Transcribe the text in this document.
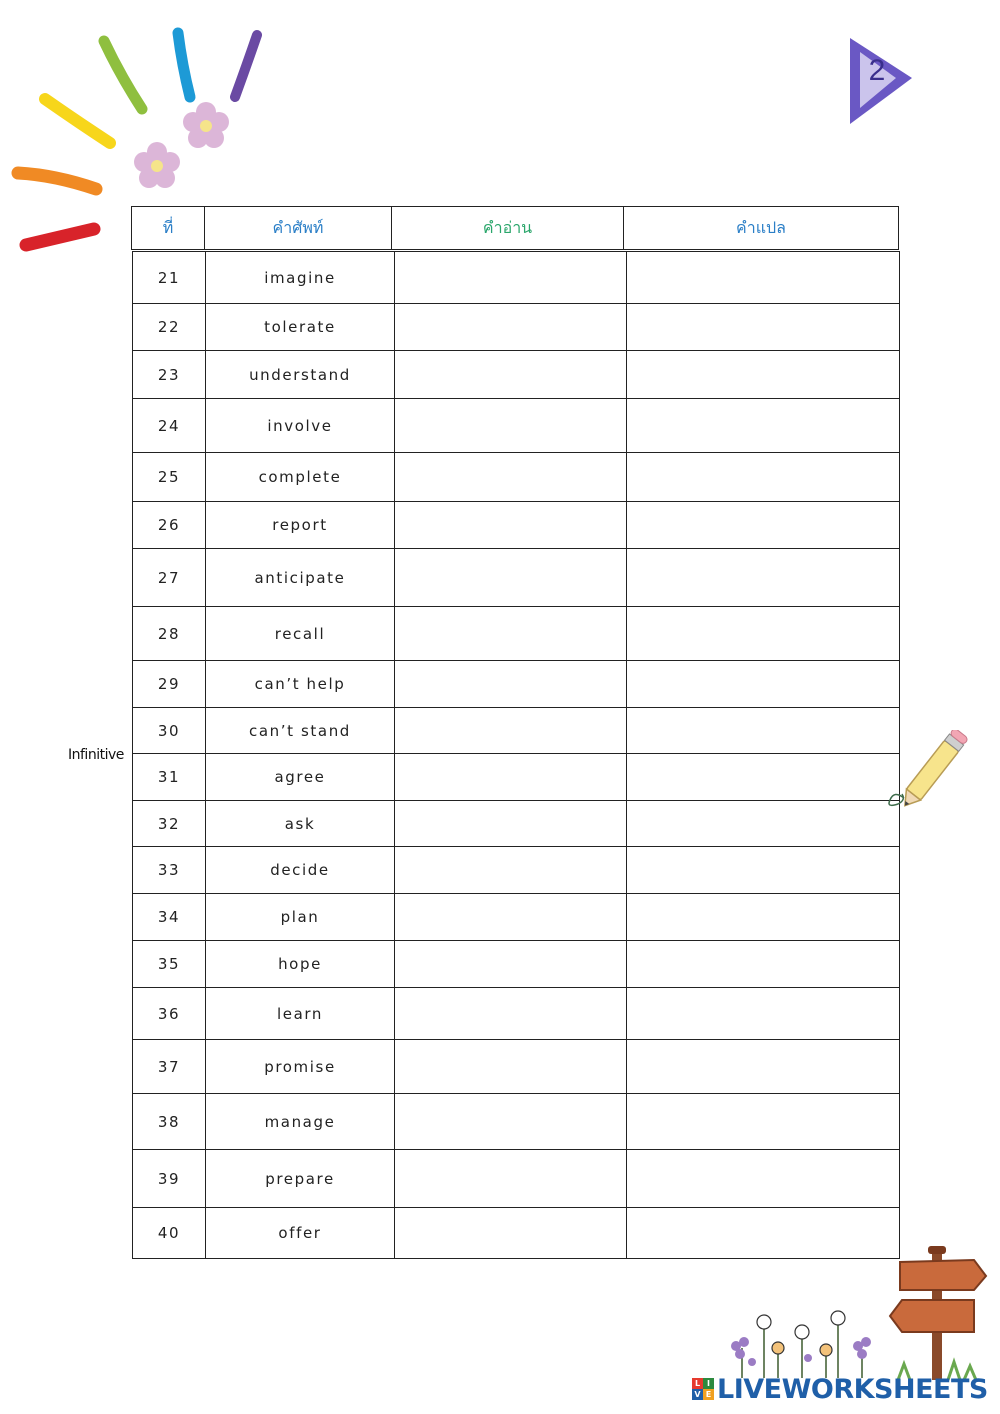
2
ที่	คำศัพท์	คำอ่าน	คำแปล
21	imagine		
22	tolerate		
23	understand		
24	involve		
25	complete		
26	report		
27	anticipate		
28	recall		
29	can’t help		
30	can’t stand		
31	agree		
32	ask		
33	decide		
34	plan		
35	hope		
36	learn		
37	promise		
38	manage		
39	prepare		
40	offer		
Infinitive
L I
V E LIVEWORKSHEETS
